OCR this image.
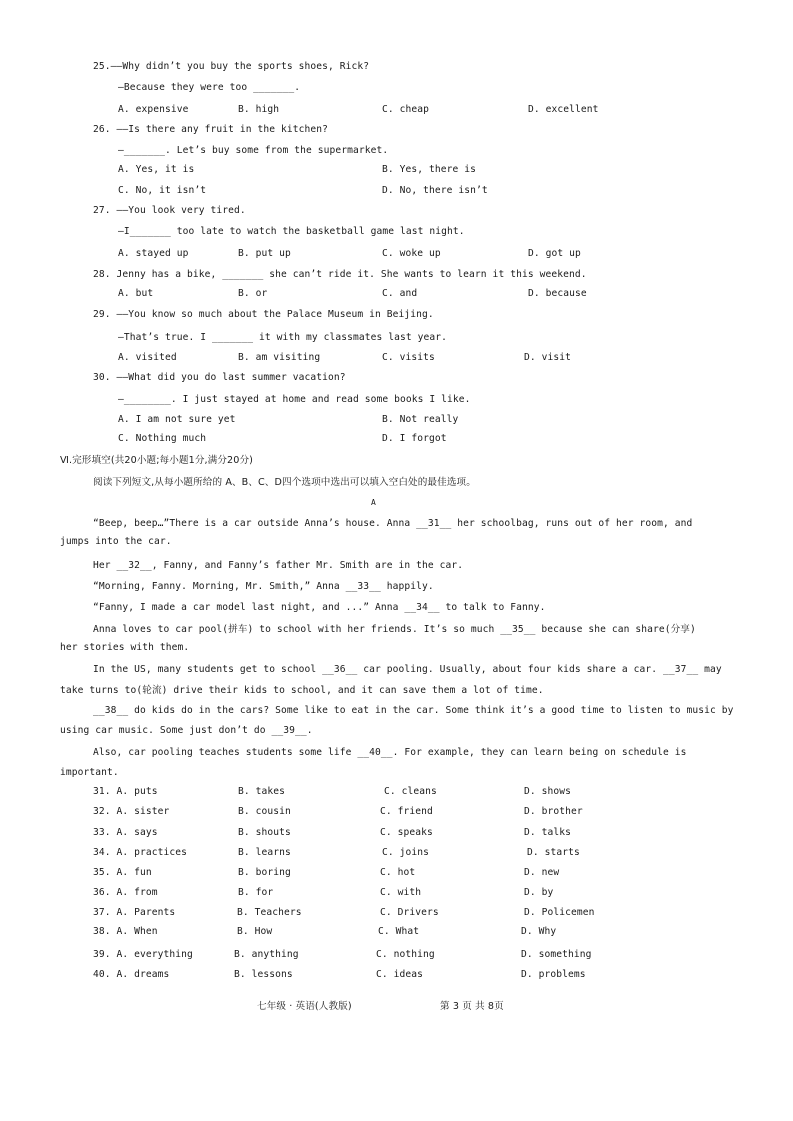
25.——Why didn’t you buy the sports shoes, Rick?
—Because they were too _______.
A. expensive	B. high	C. cheap	D. excellent
26. ——Is there any fruit in the kitchen?
—_______. Let’s buy some from the supermarket.
A. Yes, it is	B. Yes, there is
C. No, it isn’t	D. No, there isn’t
27. ——You look very tired.
—I_______ too late to watch the basketball game last night.
A. stayed up	B. put up	C. woke up	D. got up
28. Jenny has a bike, _______ she can’t ride it. She wants to learn it this weekend.
A. but	B. or	C. and	D. because
29. ——You know so much about the Palace Museum in Beijing.
—That’s true. I _______ it with my classmates last year.
A. visited	B. am visiting	C. visits	D. visit
30. ——What did you do last summer vacation?
—________. I just stayed at home and read some books I like.
A. I am not sure yet	B. Not really
C. Nothing much	D. I forgot
Ⅵ.完形填空(共20小题;每小题1分,满分20分)
阅读下列短文,从每小题所给的 A、B、C、D四个选项中选出可以填入空白处的最佳选项。
A
“Beep, beep…”There is a car outside Anna’s house. Anna __31__ her schoolbag, runs out of her room, and
jumps into the car.
Her __32__, Fanny, and Fanny’s father Mr. Smith are in the car.
“Morning, Fanny. Morning, Mr. Smith,” Anna __33__ happily.
“Fanny, I made a car model last night, and ...” Anna __34__ to talk to Fanny.
Anna loves to car pool(拼车) to school with her friends. It’s so much __35__ because she can share(分享)
her stories with them.
In the US, many students get to school __36__ car pooling. Usually, about four kids share a car. __37__ may
take turns to(轮流) drive their kids to school, and it can save them a lot of time.
__38__ do kids do in the cars? Some like to eat in the car. Some think it’s a good time to listen to music by
using car music. Some just don’t do __39__.
Also, car pooling teaches students some life __40__. For example, they can learn being on schedule is
important.
31. A. puts	B. takes	C. cleans	D. shows
32. A. sister	B. cousin	C. friend	D. brother
33. A. says	B. shouts	C. speaks	D. talks
34. A. practices	B. learns	C. joins	D. starts
35. A. fun	B. boring	C. hot	D. new
36. A. from	B. for	C. with	D. by
37. A. Parents	B. Teachers	C. Drivers	D. Policemen
38. A. When	B. How	C. What	D. Why
39. A. everything	B. anything	C. nothing	D. something
40. A. dreams	B. lessons	C. ideas	D. problems
七年级 · 英语(人教版)	第 3 页 共 8页
